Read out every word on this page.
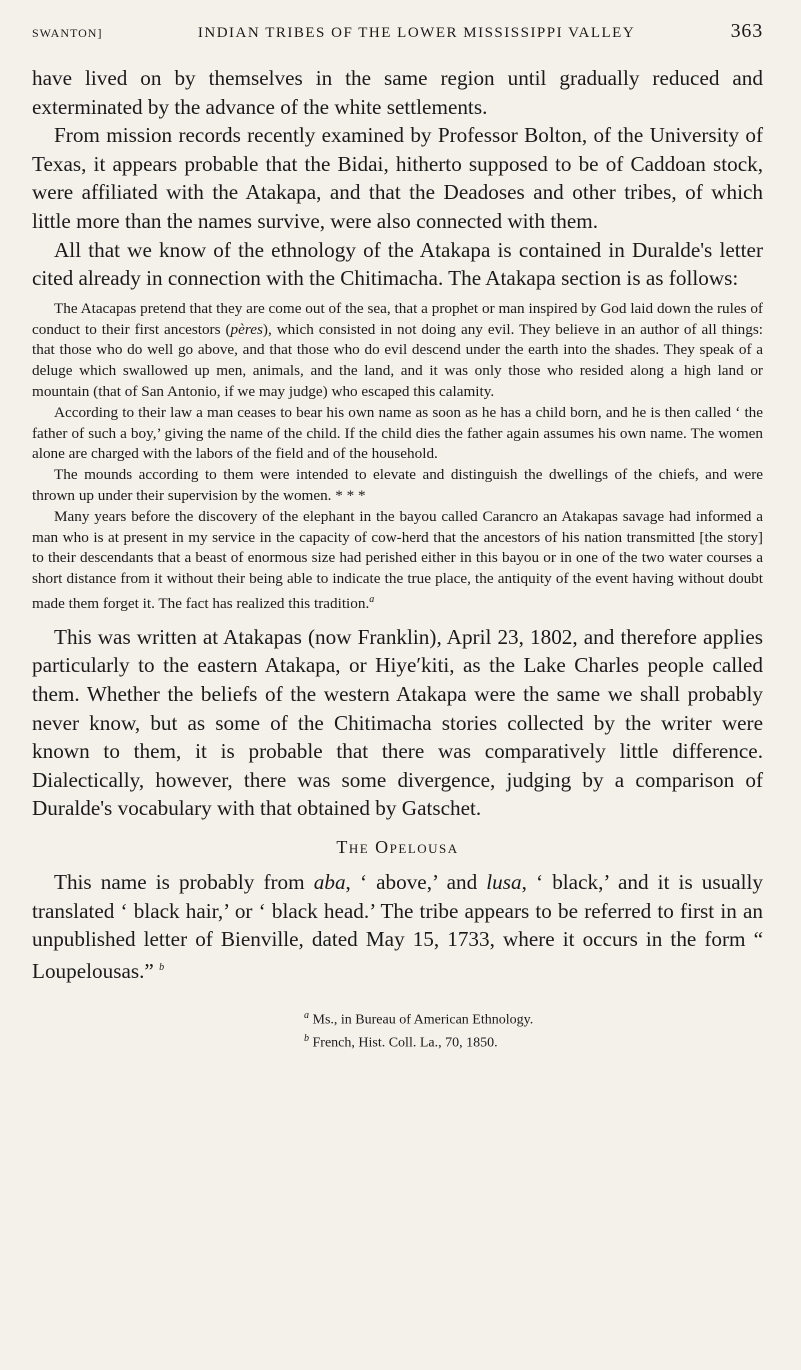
SWANTON]	INDIAN TRIBES OF THE LOWER MISSISSIPPI VALLEY	363

have lived on by themselves in the same region until gradually reduced and exterminated by the advance of the white settlements.

From mission records recently examined by Professor Bolton, of the University of Texas, it appears probable that the Bidai, hitherto supposed to be of Caddoan stock, were affiliated with the Atakapa, and that the Deadoses and other tribes, of which little more than the names survive, were also connected with them.

All that we know of the ethnology of the Atakapa is contained in Duralde's letter cited already in connection with the Chitimacha. The Atakapa section is as follows:

The Atacapas pretend that they are come out of the sea, that a prophet or man inspired by God laid down the rules of conduct to their first ancestors (pères), which consisted in not doing any evil. They believe in an author of all things: that those who do well go above, and that those who do evil descend under the earth into the shades. They speak of a deluge which swallowed up men, animals, and the land, and it was only those who resided along a high land or mountain (that of San Antonio, if we may judge) who escaped this calamity.

According to their law a man ceases to bear his own name as soon as he has a child born, and he is then called ‘ the father of such a boy,’ giving the name of the child. If the child dies the father again assumes his own name. The women alone are charged with the labors of the field and of the household.

The mounds according to them were intended to elevate and distinguish the dwellings of the chiefs, and were thrown up under their supervision by the women. * * *

Many years before the discovery of the elephant in the bayou called Carancro an Atakapas savage had informed a man who is at present in my service in the capacity of cow-herd that the ancestors of his nation transmitted [the story] to their descendants that a beast of enormous size had perished either in this bayou or in one of the two water courses a short distance from it without their being able to indicate the true place, the antiquity of the event having without doubt made them forget it. The fact has realized this tradition.$^a$

This was written at Atakapas (now Franklin), April 23, 1802, and therefore applies particularly to the eastern Atakapa, or Hiye′kiti, as the Lake Charles people called them. Whether the beliefs of the western Atakapa were the same we shall probably never know, but as some of the Chitimacha stories collected by the writer were known to them, it is probable that there was comparatively little difference. Dialectically, however, there was some divergence, judging by a comparison of Duralde's vocabulary with that obtained by Gatschet.

The Opelousa

This name is probably from aba, ‘ above,’ and lusa, ‘ black,’ and it is usually translated ‘ black hair,’ or ‘ black head.’ The tribe appears to be referred to first in an unpublished letter of Bienville, dated May 15, 1733, where it occurs in the form “ Loupelousas.” $^b$

$^a$ Ms., in Bureau of American Ethnology.
$^b$ French, Hist. Coll. La., 70, 1850.
